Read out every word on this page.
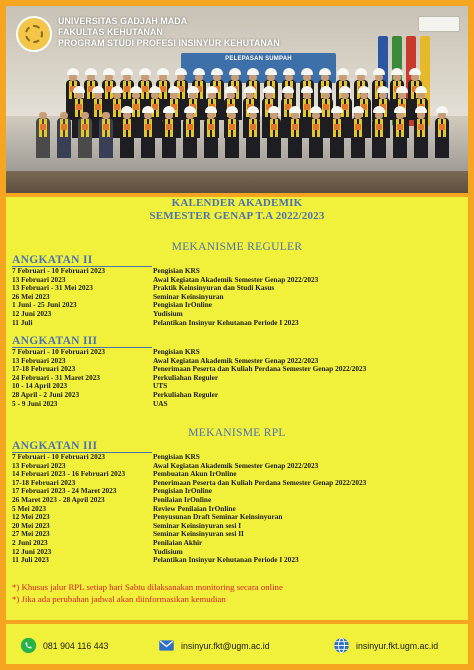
PELEPASAN SUMPAH
UNIVERSITAS GADJAH MADA
FAKULTAS KEHUTANAN
PROGRAM STUDI PROFESI INSINYUR KEHUTANAN
KALENDER AKADEMIK
SEMESTER GENAP T.A 2022/2023
MEKANISME REGULER
ANGKATAN II
7 Februari - 10 Februari 2023	Pengisian KRS
13 Februari 2023	Awal Kegiatan Akademik Semester Genap 2022/2023
13 Februari - 31 Mei 2023	Praktik Keinsinyuran dan Studi Kasus
26 Mei 2023	Seminar Keinsinyuran
1 Juni - 25 Juni 2023	Pengisian IrOnline
12 Juni 2023	Yudisium
11 Juli	Pelantikan Insinyur Kehutanan Periode I 2023
ANGKATAN III
7 Februari - 10 Februari 2023	Pengisian KRS
13 Februari 2023	Awal Kegiatan Akademik Semester Genap 2022/2023
17-18 Februari 2023	Penerimaan Peserta dan Kuliah Perdana Semester Genap 2022/2023
24 Februari - 31 Maret 2023	Perkuliahan Reguler
10 - 14 April 2023	UTS
28 April - 2 Juni 2023	Perkuliahan Reguler
5 - 9 Juni 2023	UAS
MEKANISME RPL
ANGKATAN III
7 Februari - 10 Februari 2023	Pengisian KRS
13 Februari 2023	Awal Kegiatan Akademik Semester Genap 2022/2023
14 Februari 2023 - 16 Februari 2023	Pembuatan Akun IrOnline
17-18 Februari 2023	Penerimaan Peserta dan Kuliah Perdana Semester Genap 2022/2023
17 Februari 2023 - 24 Maret 2023	Pengisian IrOnline
26 Maret 2023 - 28 April 2023	Penilaian IrOnline
5 Mei 2023	Review Penilaian IrOnline
12 Mei 2023	Penyusunan Draft Seminar Keinsinyuran
20 Mei 2023	Seminar Keinsinyuran sesi I
27 Mei 2023	Seminar Keinsinyuran sesi II
2 Juni 2023	Penilaian Akhir
12 Juni 2023	Yudisium
11 Juli 2023	Pelantikan Insinyur Kehutanan Periode I 2023
*) Khusus jalur RPL setiap hari Sabtu dilaksanakan monitoring secara online
*) Jika ada perubahan jadwal akan diinformasikan kemudian
081 904 116 443	insinyur.fkt@ugm.ac.id	insinyur.fkt.ugm.ac.id
